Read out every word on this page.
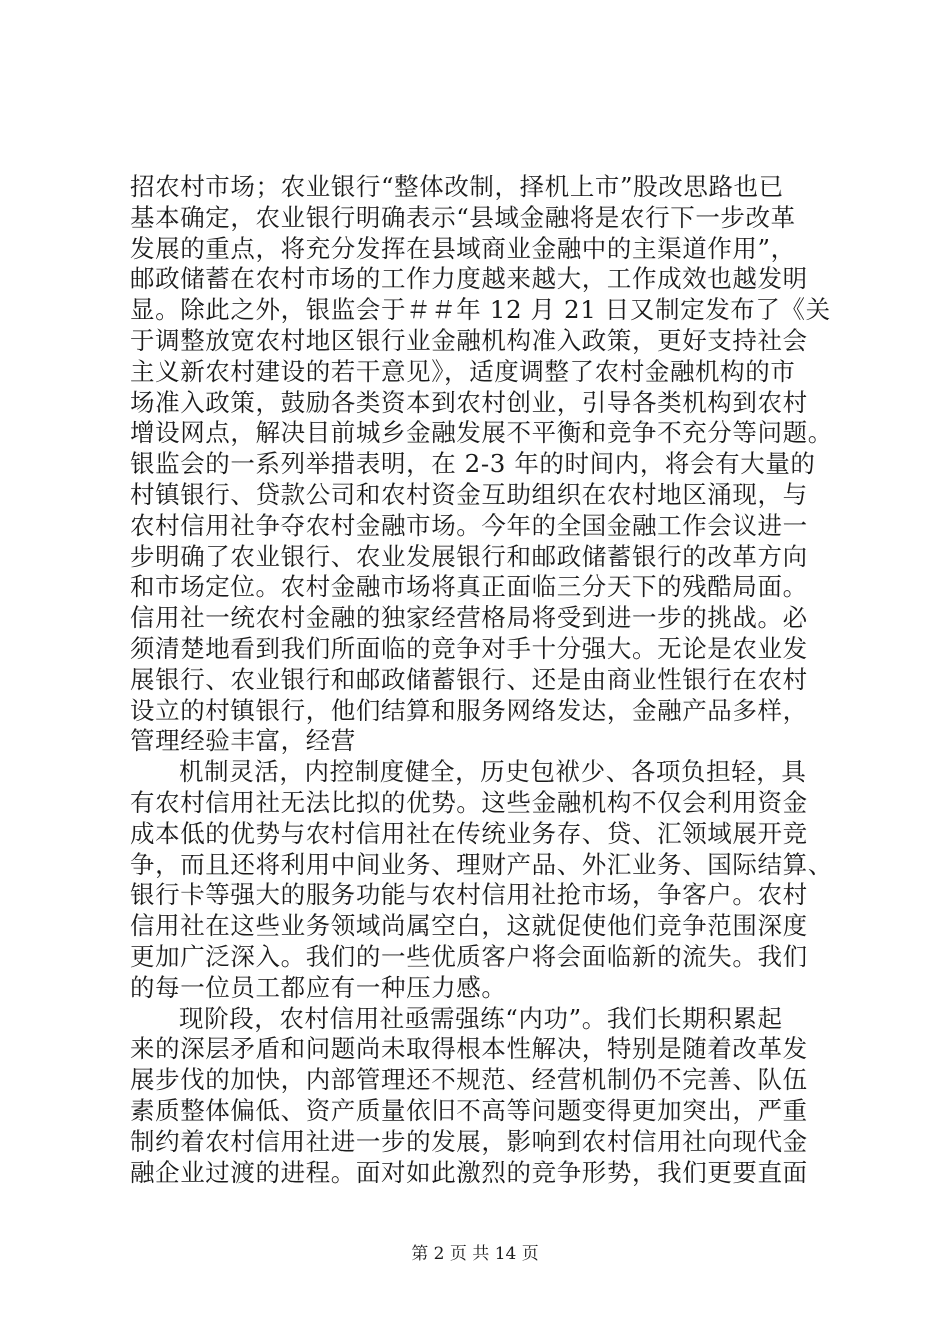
招农村市场；农业银行“整体改制，择机上市”股改思路也已
基本确定，农业银行明确表示“县域金融将是农行下一步改革
发展的重点，将充分发挥在县域商业金融中的主渠道作用”，
邮政储蓄在农村市场的工作力度越来越大，工作成效也越发明
显。除此之外，银监会于＃＃年 12 月 21 日又制定发布了《关
于调整放宽农村地区银行业金融机构准入政策，更好支持社会
主义新农村建设的若干意见》，适度调整了农村金融机构的市
场准入政策，鼓励各类资本到农村创业，引导各类机构到农村
增设网点，解决目前城乡金融发展不平衡和竞争不充分等问题。
银监会的一系列举措表明，在 2-3 年的时间内，将会有大量的
村镇银行、贷款公司和农村资金互助组织在农村地区涌现，与
农村信用社争夺农村金融市场。今年的全国金融工作会议进一
步明确了农业银行、农业发展银行和邮政储蓄银行的改革方向
和市场定位。农村金融市场将真正面临三分天下的残酷局面。
信用社一统农村金融的独家经营格局将受到进一步的挑战。必
须清楚地看到我们所面临的竞争对手十分强大。无论是农业发
展银行、农业银行和邮政储蓄银行、还是由商业性银行在农村
设立的村镇银行，他们结算和服务网络发达，金融产品多样，
管理经验丰富，经营

机制灵活，内控制度健全，历史包袱少、各项负担轻，具
有农村信用社无法比拟的优势。这些金融机构不仅会利用资金
成本低的优势与农村信用社在传统业务存、贷、汇领域展开竞
争，而且还将利用中间业务、理财产品、外汇业务、国际结算、
银行卡等强大的服务功能与农村信用社抢市场，争客户。农村
信用社在这些业务领域尚属空白，这就促使他们竞争范围深度
更加广泛深入。我们的一些优质客户将会面临新的流失。我们
的每一位员工都应有一种压力感。

现阶段，农村信用社亟需强练“内功”。我们长期积累起
来的深层矛盾和问题尚未取得根本性解决，特别是随着改革发
展步伐的加快，内部管理还不规范、经营机制仍不完善、队伍
素质整体偏低、资产质量依旧不高等问题变得更加突出，严重
制约着农村信用社进一步的发展，影响到农村信用社向现代金
融企业过渡的进程。面对如此激烈的竞争形势，我们更要直面

第 2 页 共 14 页
